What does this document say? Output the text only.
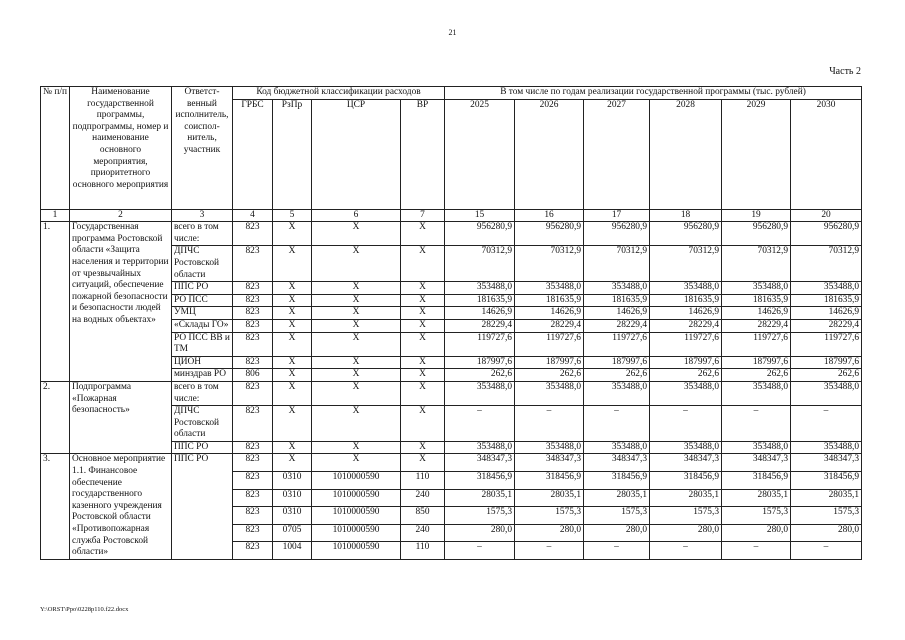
21
Часть 2
№ п/п	Наименование государственной программы, подпрограммы, номер и наименование основного мероприятия, приоритетного основного мероприятия	Ответст-венный исполнитель, соиспол-нитель, участник	Код бюджетной классификации расходов				В том числе по годам реализации государственной программы (тыс. рублей)					
			ГРБС	РзПр	ЦСР	ВР	2025	2026	2027	2028	2029	2030
1	2	3	4	5	6	7	15	16	17	18	19	20
1.	Государственная программа Ростовской области «Защита населения и территории от чрезвычайных ситуаций, обеспечение пожарной безопасности и безопасности людей на водных объектах»	всего в том числе:	823	Х	Х	Х	956280,9	956280,9	956280,9	956280,9	956280,9	956280,9
		ДПЧС Ростовской области	823	Х	Х	Х	70312,9	70312,9	70312,9	70312,9	70312,9	70312,9
		ППС РО	823	Х	Х	Х	353488,0	353488,0	353488,0	353488,0	353488,0	353488,0
		РО ПСС	823	Х	Х	Х	181635,9	181635,9	181635,9	181635,9	181635,9	181635,9
		УМЦ	823	Х	Х	Х	14626,9	14626,9	14626,9	14626,9	14626,9	14626,9
		«Склады ГО»	823	Х	Х	Х	28229,4	28229,4	28229,4	28229,4	28229,4	28229,4
		РО ПСС ВВ и ТМ	823	Х	Х	Х	119727,6	119727,6	119727,6	119727,6	119727,6	119727,6
		ЦИОН	823	Х	Х	Х	187997,6	187997,6	187997,6	187997,6	187997,6	187997,6
		минздрав РО	806	Х	Х	Х	262,6	262,6	262,6	262,6	262,6	262,6
2.	Подпрограмма «Пожарная безопасность»	всего в том числе:	823	Х	Х	Х	353488,0	353488,0	353488,0	353488,0	353488,0	353488,0
		ДПЧС Ростовской области	823	Х	Х	Х	–	–	–	–	–	–
		ППС РО	823	Х	Х	Х	353488,0	353488,0	353488,0	353488,0	353488,0	353488,0
3.	Основное мероприятие 1.1. Финансовое обеспечение государственного казенного учреждения Ростовской области «Противопожарная служба Ростовской области»	ППС РО	823	Х	Х	Х	348347,3	348347,3	348347,3	348347,3	348347,3	348347,3
			823	0310	1010000590	110	318456,9	318456,9	318456,9	318456,9	318456,9	318456,9
			823	0310	1010000590	240	28035,1	28035,1	28035,1	28035,1	28035,1	28035,1
			823	0310	1010000590	850	1575,3	1575,3	1575,3	1575,3	1575,3	1575,3
			823	0705	1010000590	240	280,0	280,0	280,0	280,0	280,0	280,0
			823	1004	1010000590	110	–	–	–	–	–	–
Y:\ORST\Ppo\0228p110.f22.docx
